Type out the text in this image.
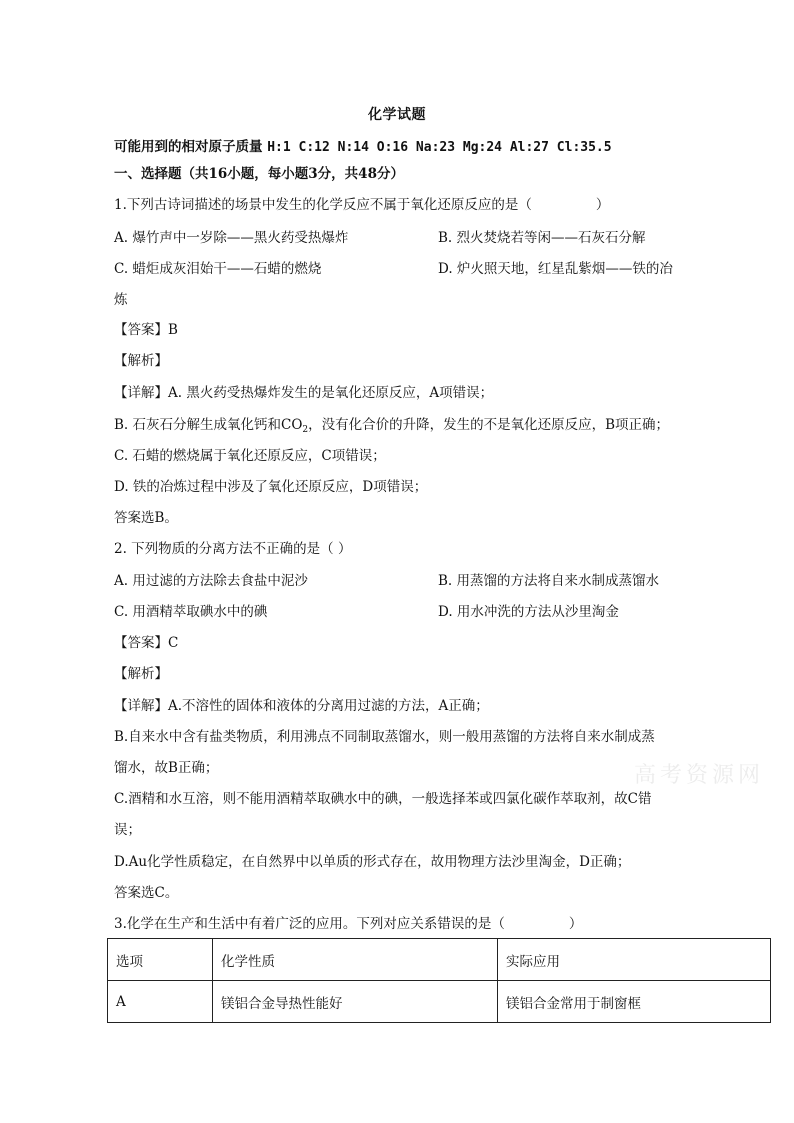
化学试题
可能用到的相对原子质量 H:1 C:12 N:14 O:16 Na:23 Mg:24 Al:27 Cl:35.5
一、选择题（共16小题，每小题3分，共48分）
1.下列古诗词描述的场景中发生的化学反应不属于氧化还原反应的是（	）
A. 爆竹声中一岁除——黑火药受热爆炸	B. 烈火焚烧若等闲——石灰石分解
C. 蜡炬成灰泪始干——石蜡的燃烧	D. 炉火照天地，红星乱紫烟——铁的冶
炼
【答案】B
【解析】
【详解】A. 黑火药受热爆炸发生的是氧化还原反应，A项错误；
B. 石灰石分解生成氧化钙和$CO_2$，没有化合价的升降，发生的不是氧化还原反应，B项正确；
C. 石蜡的燃烧属于氧化还原反应，C项错误；
D. 铁的冶炼过程中涉及了氧化还原反应，D项错误；
答案选B。
2. 下列物质的分离方法不正确的是（ ）
A. 用过滤的方法除去食盐中泥沙	B. 用蒸馏的方法将自来水制成蒸馏水
C. 用酒精萃取碘水中的碘	D. 用水冲洗的方法从沙里淘金
【答案】C
【解析】
【详解】A.不溶性的固体和液体的分离用过滤的方法，A正确；
B.自来水中含有盐类物质，利用沸点不同制取蒸馏水，则一般用蒸馏的方法将自来水制成蒸
馏水，故B正确；
C.酒精和水互溶，则不能用酒精萃取碘水中的碘，一般选择苯或四氯化碳作萃取剂，故C错
误；
D.Au化学性质稳定，在自然界中以单质的形式存在，故用物理方法沙里淘金，D正确；
答案选C。
3.化学在生产和生活中有着广泛的应用。下列对应关系错误的是（	）
选项	化学性质	实际应用
A	镁铝合金导热性能好	镁铝合金常用于制窗框
高考资源网
